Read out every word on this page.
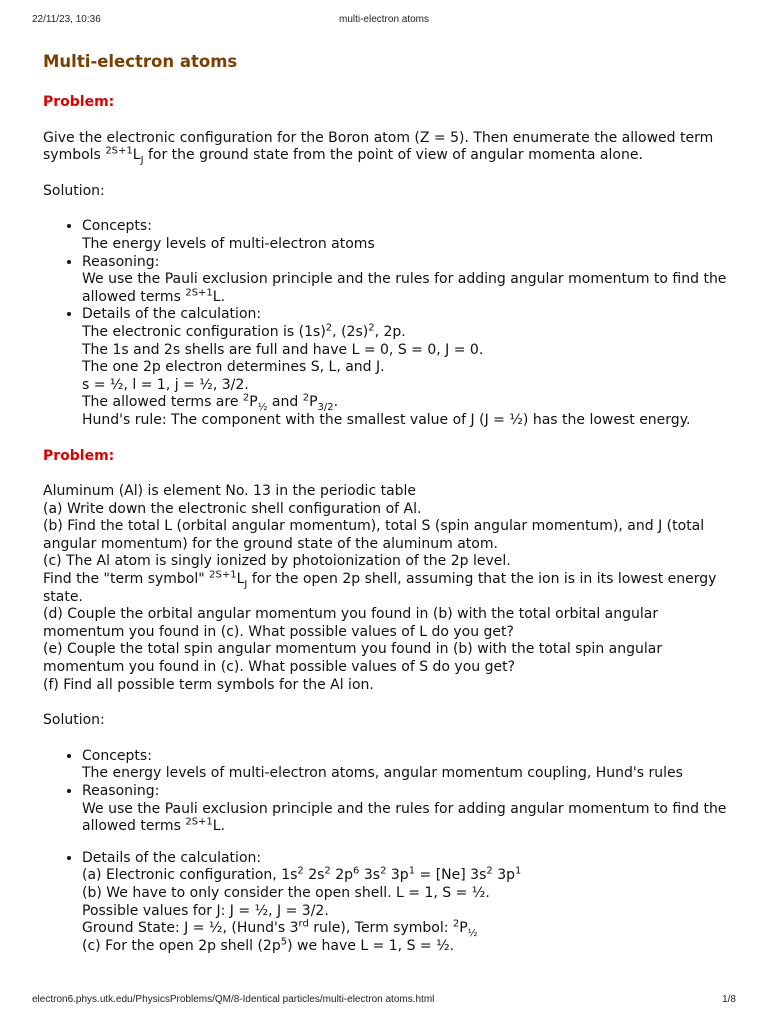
22/11/23, 10:36	multi-electron atoms
Multi-electron atoms
Problem:

Give the electronic configuration for the Boron atom (Z = 5). Then enumerate the allowed term symbols $^{2S+1}L_J$ for the ground state from the point of view of angular momenta alone.

Solution:

• Concepts:
The energy levels of multi-electron atoms
• Reasoning:
We use the Pauli exclusion principle and the rules for adding angular momentum to find the allowed terms $^{2S+1}$L.
• Details of the calculation:
The electronic configuration is $(1s)^2$, $(2s)^2$, 2p.
The 1s and 2s shells are full and have L = 0, S = 0, J = 0.
The one 2p electron determines S, L, and J.
s = ½, l = 1, j = ½, 3/2.
The allowed terms are $^2P_{\frac{1}{2}}$ and $^2P_{3/2}$.
Hund's rule: The component with the smallest value of J (J = ½) has the lowest energy.
Problem:

Aluminum (Al) is element No. 13 in the periodic table
(a) Write down the electronic shell configuration of Al.
(b) Find the total L (orbital angular momentum), total S (spin angular momentum), and J (total angular momentum) for the ground state of the aluminum atom.
(c) The Al atom is singly ionized by photoionization of the 2p level.
Find the "term symbol" $^{2S+1}L_J$ for the open 2p shell, assuming that the ion is in its lowest energy state.
(d) Couple the orbital angular momentum you found in (b) with the total orbital angular momentum you found in (c). What possible values of L do you get?
(e) Couple the total spin angular momentum you found in (b) with the total spin angular momentum you found in (c). What possible values of S do you get?
(f) Find all possible term symbols for the Al ion.

Solution:

• Concepts:
The energy levels of multi-electron atoms, angular momentum coupling, Hund's rules
• Reasoning:
We use the Pauli exclusion principle and the rules for adding angular momentum to find the allowed terms $^{2S+1}$L.
• Details of the calculation:
(a) Electronic configuration, $1s^2$ $2s^2$ $2p^6$ $3s^2$ $3p^1 = [Ne]$ $3s^2$ $3p^1$
(b) We have to only consider the open shell. L = 1, S = ½.
Possible values for J: J = ½, J = 3/2.
Ground State: J = ½, (Hund's 3rd rule), Term symbol: $^2P_{\frac{1}{2}}$
(c) For the open 2p shell $(2p^5)$ we have L = 1, S = ½.
electron6.phys.utk.edu/PhysicsProblems/QM/8-Identical particles/multi-electron atoms.html	1/8
